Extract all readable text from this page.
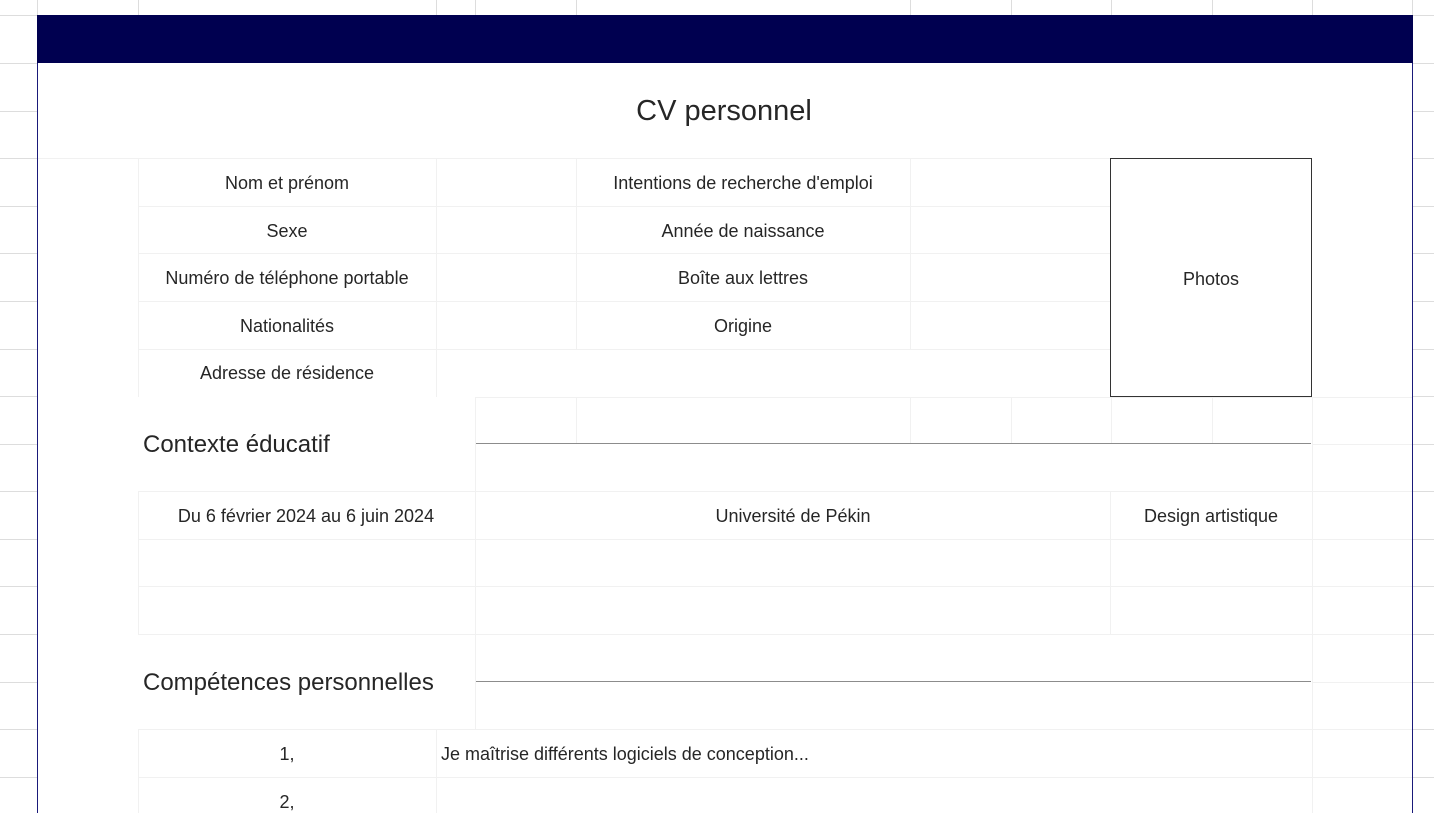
CV personnel
Nom et prénom	Intentions de recherche d'emploi
Sexe	Année de naissance
Numéro de téléphone portable	Boîte aux lettres
Nationalités	Origine
Adresse de résidence
Photos
Contexte éducatif
Du 6 février 2024 au 6 juin 2024	Université de Pékin	Design artistique
Compétences personnelles
1,	Je maîtrise différents logiciels de conception...
2,
